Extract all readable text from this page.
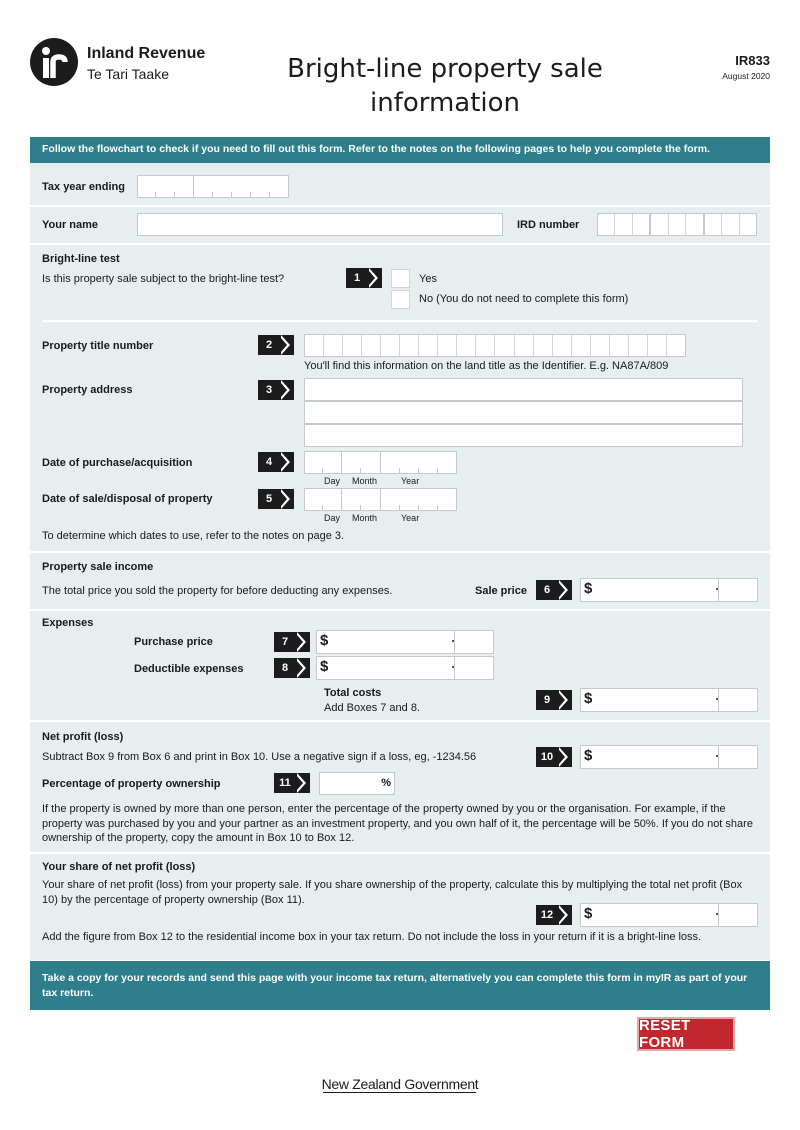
Inland Revenue
Te Tari Taake	Bright-line property sale
information
IR833
August 2020
Follow the flowchart to check if you need to fill out this form. Refer to the notes on the following pages to help you complete the form.
Tax year ending
Your name	IRD number
Bright-line test
Is this property sale subject to the bright-line test?	1	Yes
No (You do not need to complete this form)
Property title number	2
You'll find this information on the land title as the Identifier. E.g. NA87A/809
Property address	3
Date of purchase/acquisition	4
Day Month	Year
Date of sale/disposal of property	5
Day Month	Year
To determine which dates to use, refer to the notes on page 3.
Property sale income
The total price you sold the property for before deducting any expenses.	Sale price	6	$
Expenses
Purchase price	7	$
Deductible expenses	8	$
Total costs
Add Boxes 7 and 8.
9	$
Net profit (loss)
Subtract Box 9 from Box 6 and print in Box 10. Use a negative sign if a loss, eg, -1234.56	10	$
Percentage of property ownership	11	%
If the property is owned by more than one person, enter the percentage of the property owned by you or the organisation. For example, if the property was purchased by you and your partner as an investment property, and you own half of it, the percentage will be 50%. If you do not share ownership of the property, copy the amount in Box 10 to Box 12.
Your share of net profit (loss)
Your share of net profit (loss) from your property sale. If you share ownership of the property, calculate this by multiplying the total net profit (Box 10) by the percentage of property ownership (Box 11).
12	$
Add the figure from Box 12 to the residential income box in your tax return. Do not include the loss in your return if it is a bright-line loss.
Take a copy for your records and send this page with your income tax return, alternatively you can complete this form in myIR as part of your tax return.
RESET FORM
New Zealand Government
